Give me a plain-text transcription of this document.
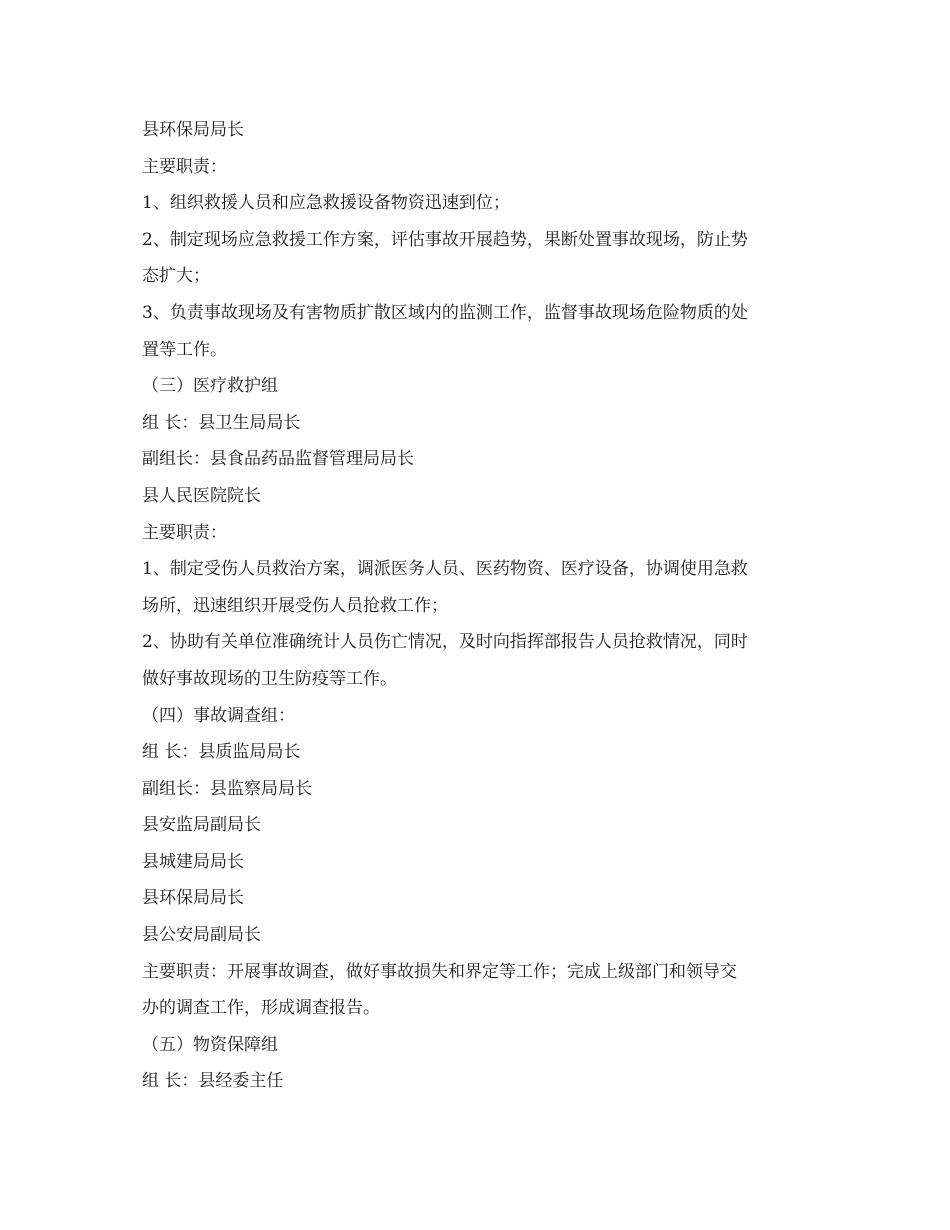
县环保局局长
主要职责：
1、组织救援人员和应急救援设备物资迅速到位；
2、制定现场应急救援工作方案，评估事故开展趋势，果断处置事故现场，防止势
态扩大；
3、负责事故现场及有害物质扩散区域内的监测工作，监督事故现场危险物质的处
置等工作。
（三）医疗救护组
组 长：县卫生局局长
副组长：县食品药品监督管理局局长
县人民医院院长
主要职责：
1、制定受伤人员救治方案，调派医务人员、医药物资、医疗设备，协调使用急救
场所，迅速组织开展受伤人员抢救工作；
2、协助有关单位准确统计人员伤亡情况，及时向指挥部报告人员抢救情况，同时
做好事故现场的卫生防疫等工作。
（四）事故调查组：
组 长：县质监局局长
副组长：县监察局局长
县安监局副局长
县城建局局长
县环保局局长
县公安局副局长
主要职责：开展事故调查，做好事故损失和界定等工作；完成上级部门和领导交
办的调查工作，形成调查报告。
（五）物资保障组
组 长：县经委主任
